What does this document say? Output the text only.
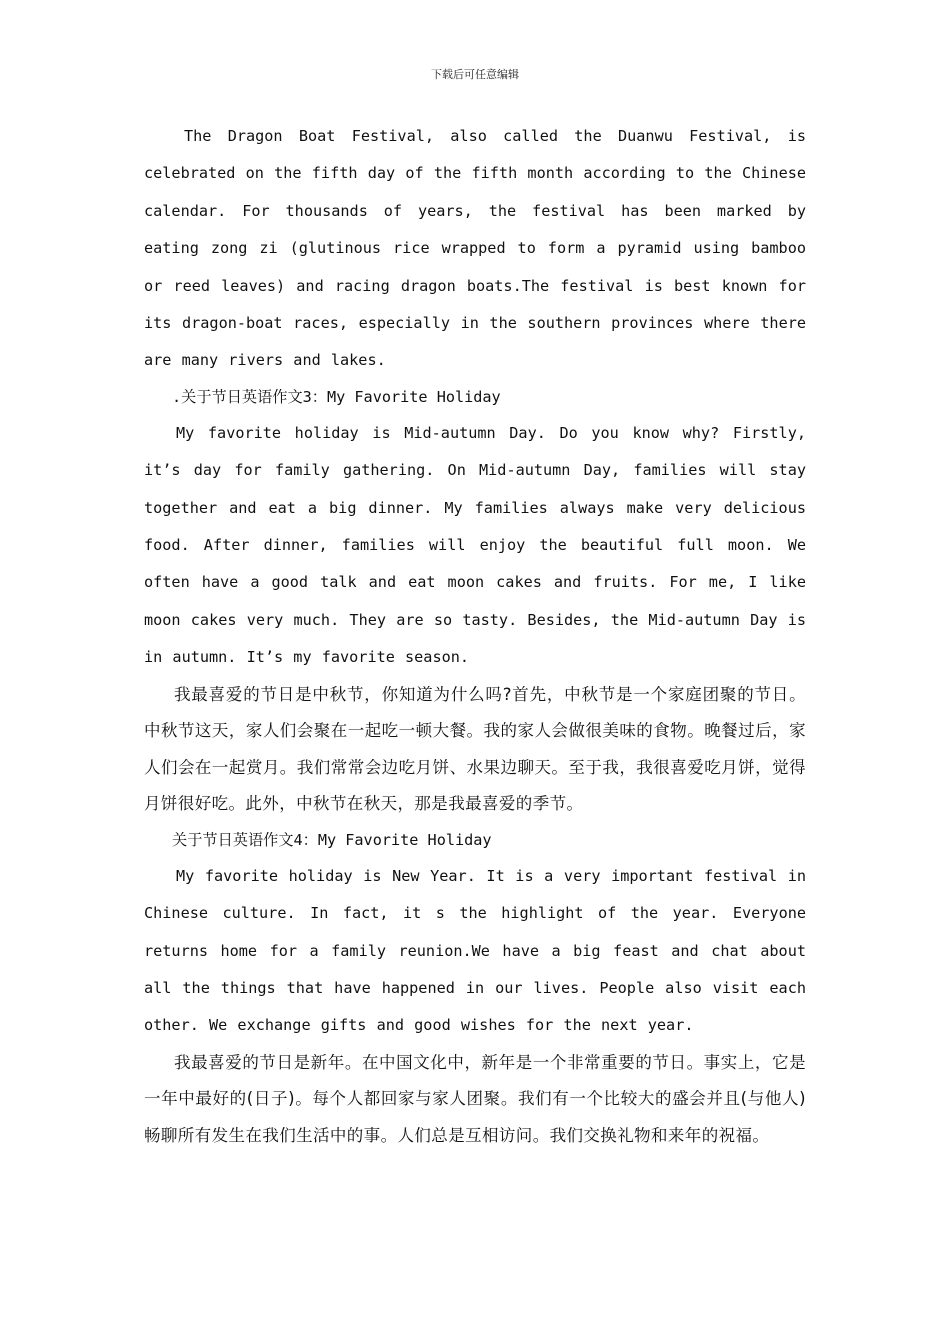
下载后可任意编辑

The Dragon Boat Festival, also called the Duanwu Festival, is celebrated on the fifth day of the fifth month according to the Chinese calendar. For thousands of years, the festival has been marked by eating zong zi (glutinous rice wrapped to form a pyramid using bamboo or reed leaves) and racing dragon boats.The festival is best known for its dragon-boat races, especially in the southern provinces where there are many rivers and lakes.

.关于节日英语作文3：My Favorite Holiday

My favorite holiday is Mid-autumn Day. Do you know why? Firstly, it’s day for family gathering. On Mid-autumn Day, families will stay together and eat a big dinner. My families always make very delicious food. After dinner, families will enjoy the beautiful full moon. We often have a good talk and eat moon cakes and fruits. For me, I like moon cakes very much. They are so tasty. Besides, the Mid-autumn Day is in autumn. It’s my favorite season.

我最喜爱的节日是中秋节，你知道为什么吗?首先，中秋节是一个家庭团聚的节日。中秋节这天，家人们会聚在一起吃一顿大餐。我的家人会做很美味的食物。晚餐过后，家人们会在一起赏月。我们常常会边吃月饼、水果边聊天。至于我，我很喜爱吃月饼，觉得月饼很好吃。此外，中秋节在秋天，那是我最喜爱的季节。

关于节日英语作文4：My Favorite Holiday

My favorite holiday is New Year. It is a very important festival in Chinese culture. In fact, it s the highlight of the year. Everyone returns home for a family reunion.We have a big feast and chat about all the things that have happened in our lives. People also visit each other. We exchange gifts and good wishes for the next year.

我最喜爱的节日是新年。在中国文化中，新年是一个非常重要的节日。事实上，它是一年中最好的(日子)。每个人都回家与家人团聚。我们有一个比较大的盛会并且(与他人)畅聊所有发生在我们生活中的事。人们总是互相访问。我们交换礼物和来年的祝福。
